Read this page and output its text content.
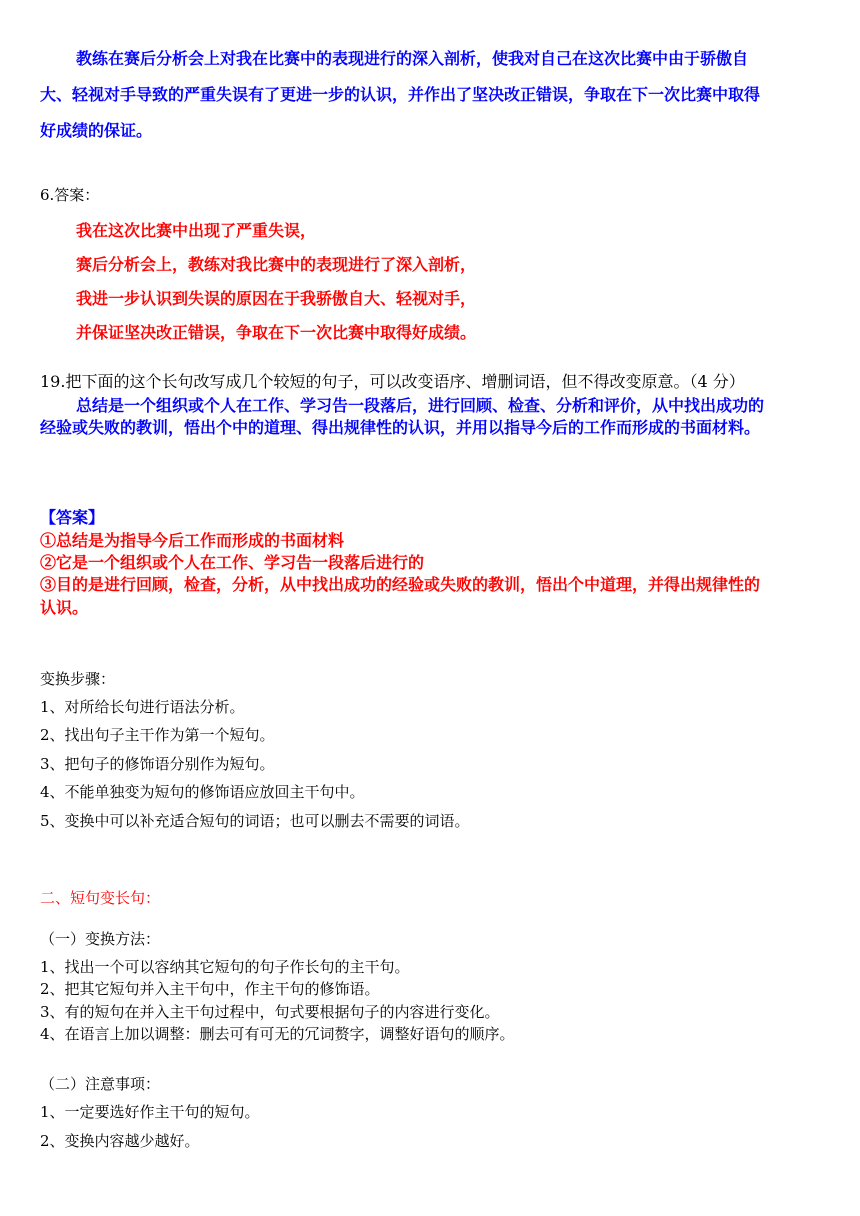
教练在赛后分析会上对我在比赛中的表现进行的深入剖析，使我对自己在这次比赛中由于骄傲自
大、轻视对手导致的严重失误有了更进一步的认识，并作出了坚决改正错误，争取在下一次比赛中取得
好成绩的保证。
6.答案：
我在这次比赛中出现了严重失误，
赛后分析会上，教练对我比赛中的表现进行了深入剖析，
我进一步认识到失误的原因在于我骄傲自大、轻视对手，
并保证坚决改正错误，争取在下一次比赛中取得好成绩。
19.把下面的这个长句改写成几个较短的句子，可以改变语序、增删词语，但不得改变原意。（4 分）
总结是一个组织或个人在工作、学习告一段落后，进行回顾、检查、分析和评价，从中找出成功的
经验或失败的教训，悟出个中的道理、得出规律性的认识，并用以指导今后的工作而形成的书面材料。
【答案】
①总结是为指导今后工作而形成的书面材料
②它是一个组织或个人在工作、学习告一段落后进行的
③目的是进行回顾，检查，分析，从中找出成功的经验或失败的教训，悟出个中道理，并得出规律性的
认识。
变换步骤：
1、对所给长句进行语法分析。
2、找出句子主干作为第一个短句。
3、把句子的修饰语分别作为短句。
4、不能单独变为短句的修饰语应放回主干句中。
5、变换中可以补充适合短句的词语；也可以删去不需要的词语。
二、短句变长句：
（一）变换方法：
1、找出一个可以容纳其它短句的句子作长句的主干句。
2、把其它短句并入主干句中，作主干句的修饰语。
3、有的短句在并入主干句过程中，句式要根据句子的内容进行变化。
4、在语言上加以调整：删去可有可无的冗词赘字，调整好语句的顺序。
（二）注意事项：
1、一定要选好作主干句的短句。
2、变换内容越少越好。
